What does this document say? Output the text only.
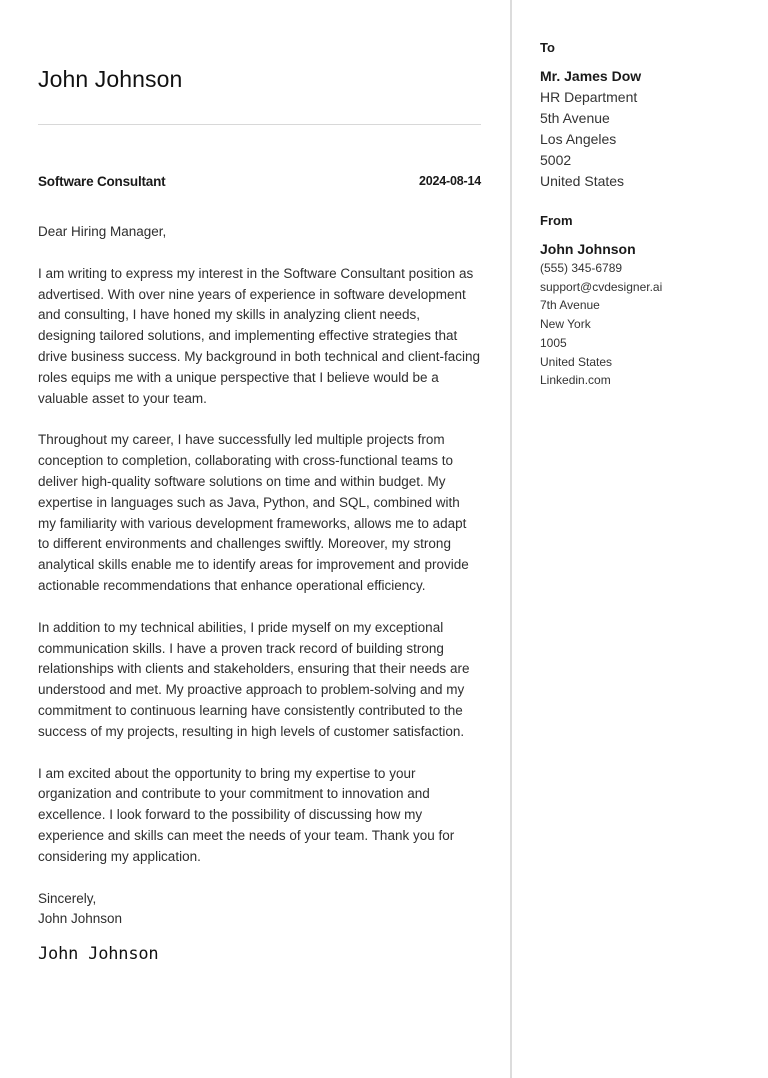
John Johnson
Software Consultant	2024-08-14

Dear Hiring Manager,

I am writing to express my interest in the Software Consultant position as advertised. With over nine years of experience in software development and consulting, I have honed my skills in analyzing client needs, designing tailored solutions, and implementing effective strategies that drive business success. My background in both technical and client-facing roles equips me with a unique perspective that I believe would be a valuable asset to your team.

Throughout my career, I have successfully led multiple projects from conception to completion, collaborating with cross-functional teams to deliver high-quality software solutions on time and within budget. My expertise in languages such as Java, Python, and SQL, combined with my familiarity with various development frameworks, allows me to adapt to different environments and challenges swiftly. Moreover, my strong analytical skills enable me to identify areas for improvement and provide actionable recommendations that enhance operational efficiency.

In addition to my technical abilities, I pride myself on my exceptional communication skills. I have a proven track record of building strong relationships with clients and stakeholders, ensuring that their needs are understood and met. My proactive approach to problem-solving and my commitment to continuous learning have consistently contributed to the success of my projects, resulting in high levels of customer satisfaction.

I am excited about the opportunity to bring my expertise to your organization and contribute to your commitment to innovation and excellence. I look forward to the possibility of discussing how my experience and skills can meet the needs of your team. Thank you for considering my application.

Sincerely,
John Johnson
John Johnson
To
Mr. James Dow
HR Department
5th Avenue
Los Angeles
5002
United States
From
John Johnson
(555) 345-6789
support@cvdesigner.ai
7th Avenue
New York
1005
United States
Linkedin.com
